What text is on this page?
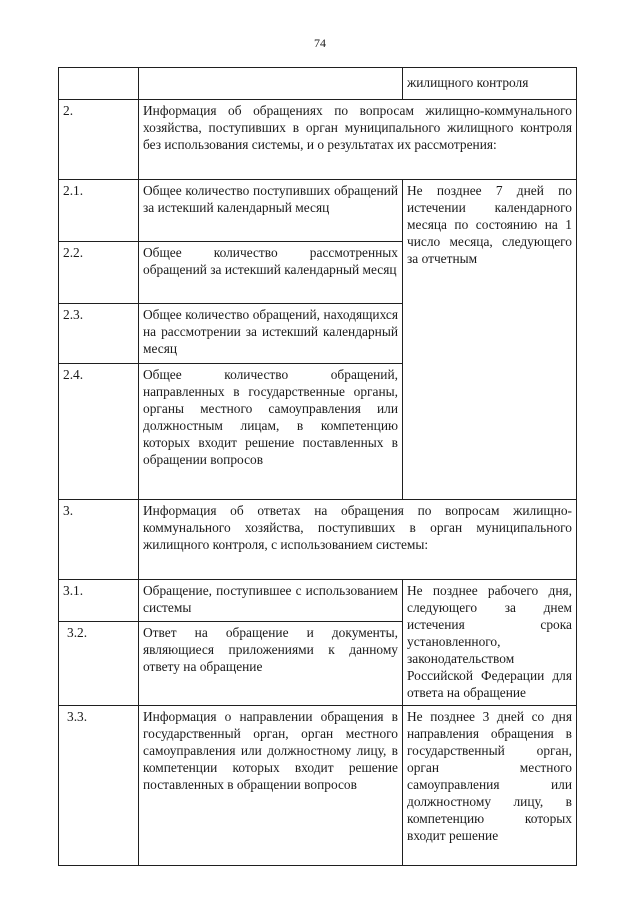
74
		жилищного контроля
2.	Информация об обращениях по вопросам жилищно-коммунального хозяйства, поступивших в орган муниципального жилищного контроля без использования системы, и о результатах их рассмотрения:	
2.1.	Общее количество поступивших обращений за истекший календарный месяц	Не позднее 7 дней по истечении календарного месяца по состоянию на 1 число месяца, следующего за отчетным
2.2.	Общее количество рассмотренных обращений за истекший календарный месяц	
2.3.	Общее количество обращений, находящихся на рассмотрении за истекший календарный месяц	
2.4.	Общее количество обращений, направленных в государственные органы, органы местного самоуправления или должностным лицам, в компетенцию которых входит решение поставленных в обращении вопросов	
3.	Информация об ответах на обращения по вопросам жилищно-коммунального хозяйства, поступивших в орган муниципального жилищного контроля, с использованием системы:	
3.1.	Обращение, поступившее с использованием системы	Не позднее рабочего дня, следующего за днем истечения срока установленного, законодательством Российской Федерации для ответа на обращение
3.2.	Ответ на обращение и документы, являющиеся приложениями к данному ответу на обращение	
3.3.	Информация о направлении обращения в государственный орган, орган местного самоуправления или должностному лицу, в компетенции которых входит решение поставленных в обращении вопросов	Не позднее 3 дней со дня направления обращения в государственный орган, орган местного самоуправления или должностному лицу, в компетенцию которых входит решение
